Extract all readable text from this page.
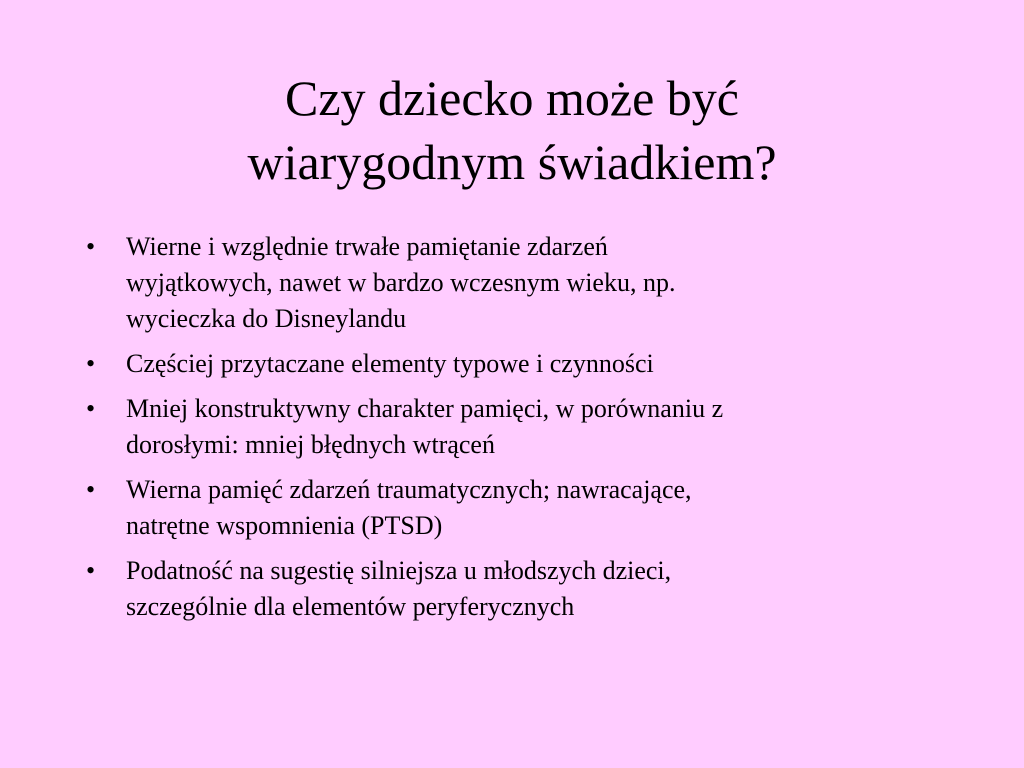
Czy dziecko może być
wiarygodnym świadkiem?
•	Wierne i względnie trwałe pamiętanie zdarzeń
wyjątkowych, nawet w bardzo wczesnym wieku, np.
wycieczka do Disneylandu
•	Częściej przytaczane elementy typowe i czynności
•	Mniej konstruktywny charakter pamięci, w porównaniu z
dorosłymi: mniej błędnych wtrąceń
•	Wierna pamięć zdarzeń traumatycznych; nawracające,
natrętne wspomnienia (PTSD)
•	Podatność na sugestię silniejsza u młodszych dzieci,
szczególnie dla elementów peryferycznych
